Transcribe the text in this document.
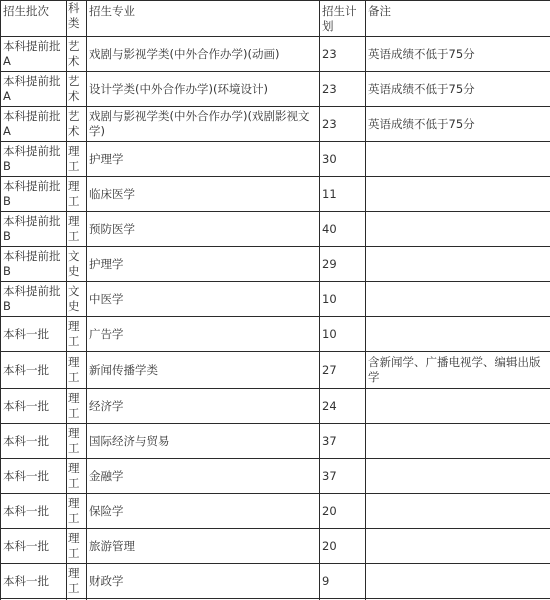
招生批次	科类	招生专业	招生计划	备注
本科提前批A	艺术	戏剧与影视学类(中外合作办学)(动画)	23	英语成绩不低于75分
本科提前批A	艺术	设计学类(中外合作办学)(环境设计)	23	英语成绩不低于75分
本科提前批A	艺术	戏剧与影视学类(中外合作办学)(戏剧影视文学)	23	英语成绩不低于75分
本科提前批B	理工	护理学	30	
本科提前批B	理工	临床医学	11	
本科提前批B	理工	预防医学	40	
本科提前批B	文史	护理学	29	
本科提前批B	文史	中医学	10	
本科一批	理工	广告学	10	
本科一批	理工	新闻传播学类	27	含新闻学、广播电视学、编辑出版学
本科一批	理工	经济学	24	
本科一批	理工	国际经济与贸易	37	
本科一批	理工	金融学	37	
本科一批	理工	保险学	20	
本科一批	理工	旅游管理	20	
本科一批	理工	财政学	9	
